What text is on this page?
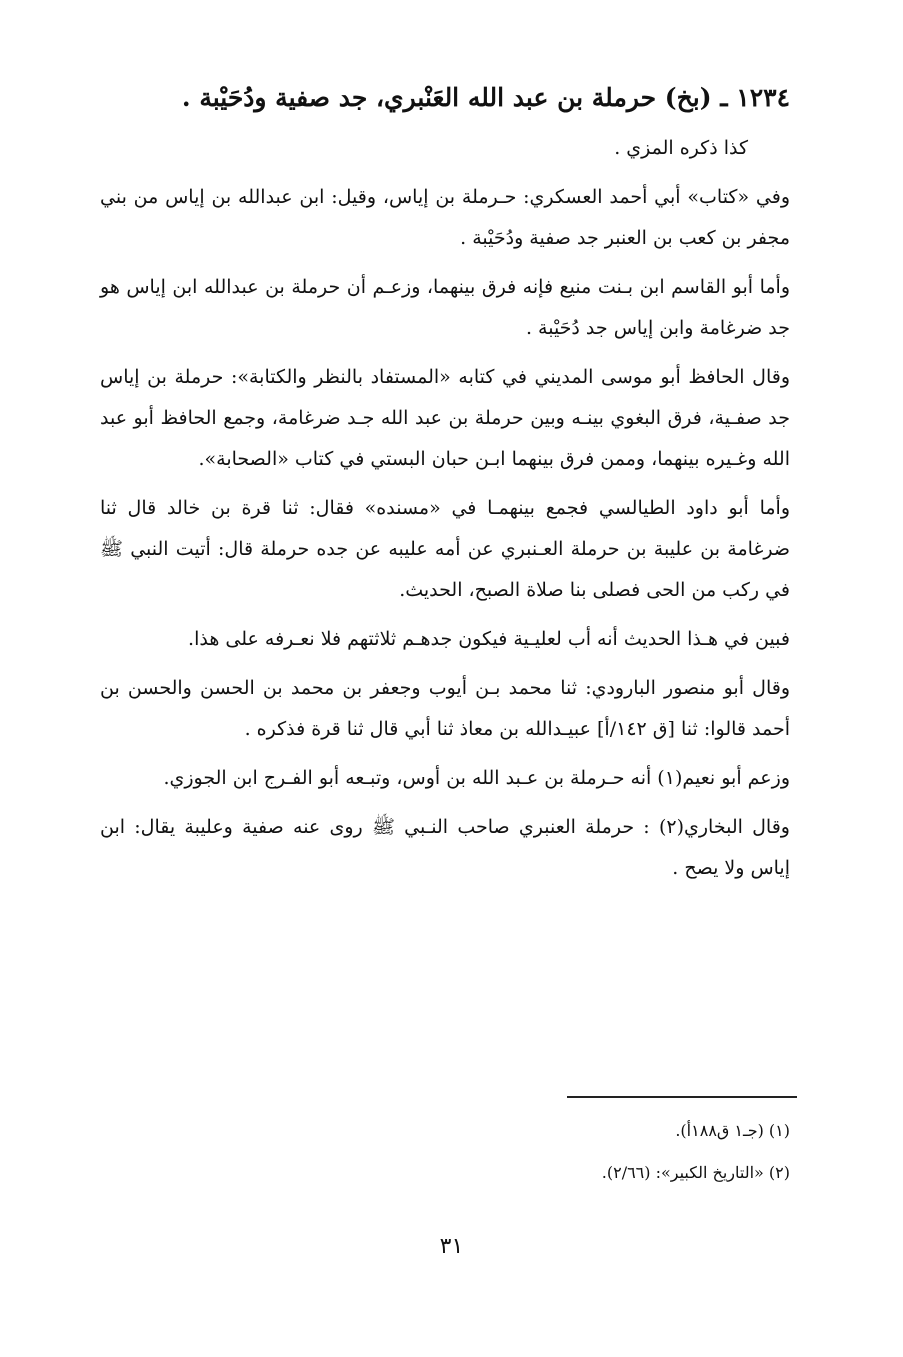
١٢٣٤ ـ (بخ) حرملة بن عبد الله العَنْبري، جد صفية ودُحَيْبة .

كذا ذكره المزي .

وفي «كتاب» أبي أحمد العسكري: حـرملة بن إياس، وقيل: ابن عبدالله بن إياس من بني مجفر بن كعب بن العنبر جد صفية ودُحَيْبة .

وأما أبو القاسم ابن بـنت منيع فإنه فرق بينهما، وزعـم أن حرملة بن عبدالله ابن إياس هو جد ضرغامة وابن إياس جد دُحَيْبة .

وقال الحافظ أبو موسى المديني في كتابه «المستفاد بالنظر والكتابة»: حرملة بن إياس جد صفـية، فرق البغوي بينـه وبين حرملة بن عبد الله جـد ضرغامة، وجمع الحافظ أبو عبد الله وغـيره بينهما، وممن فرق بينهما ابـن حبان البستي في كتاب «الصحابة».

وأما أبو داود الطيالسي فجمع بينهمـا في «مسنده» فقال: ثنا قرة بن خالد قال ثنا ضرغامة بن عليبة بن حرملة العـنبري عن أمه عليبه عن جده حرملة قال: أتيت النبي ﷺ في ركب من الحى فصلى بنا صلاة الصبح، الحديث.

فبين في هـذا الحديث أنه أب لعليـية فيكون جدهـم ثلاثتهم فلا نعـرفه على هذا.

وقال أبو منصور البارودي: ثنا محمد بـن أيوب وجعفر بن محمد بن الحسن والحسن بن أحمد قالوا: ثنا [ق ١٤٢/أ] عبيـدالله بن معاذ ثنا أبي قال ثنا قرة فذكره .

وزعم أبو نعيم(١) أنه حـرملة بن عـبد الله بن أوس، وتبـعه أبو الفـرج ابن الجوزي.

وقال البخاري(٢) : حرملة العنبري صاحب النـبي ﷺ روى عنه صفية وعليبة يقال: ابن إياس ولا يصح .

(١) (جـ١ ق١٨٨أ).
(٢) «التاريخ الكبير»: (٢/٦٦).
٣١
